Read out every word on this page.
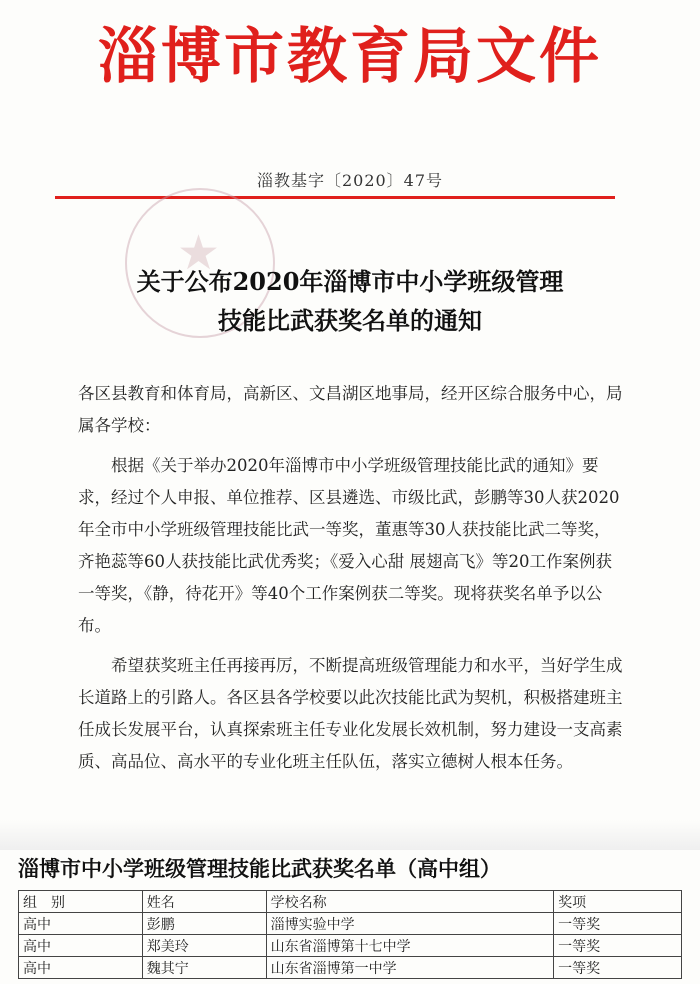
淄博市教育局文件
淄教基字〔2020〕47号
★
关于公布2020年淄博市中小学班级管理
技能比武获奖名单的通知
各区县教育和体育局，高新区、文昌湖区地事局，经开区综合服务中心，局属各学校：
根据《关于举办2020年淄博市中小学班级管理技能比武的通知》要求，经过个人申报、单位推荐、区县遴选、市级比武，彭鹏等30人获2020年全市中小学班级管理技能比武一等奖，董惠等30人获技能比武二等奖，齐艳蕊等60人获技能比武优秀奖；《爱入心甜 展翅高飞》等20工作案例获一等奖，《静，待花开》等40个工作案例获二等奖。现将获奖名单予以公布。
希望获奖班主任再接再厉，不断提高班级管理能力和水平，当好学生成长道路上的引路人。各区县各学校要以此次技能比武为契机，积极搭建班主任成长发展平台，认真探索班主任专业化发展长效机制，努力建设一支高素质、高品位、高水平的专业化班主任队伍，落实立德树人根本任务。
淄博市中小学班级管理技能比武获奖名单（高中组）
组　别	姓名	学校名称	奖项
高中	彭鹏	淄博实验中学	一等奖
高中	郑美玲	山东省淄博第十七中学	一等奖
高中	魏其宁	山东省淄博第一中学	一等奖
